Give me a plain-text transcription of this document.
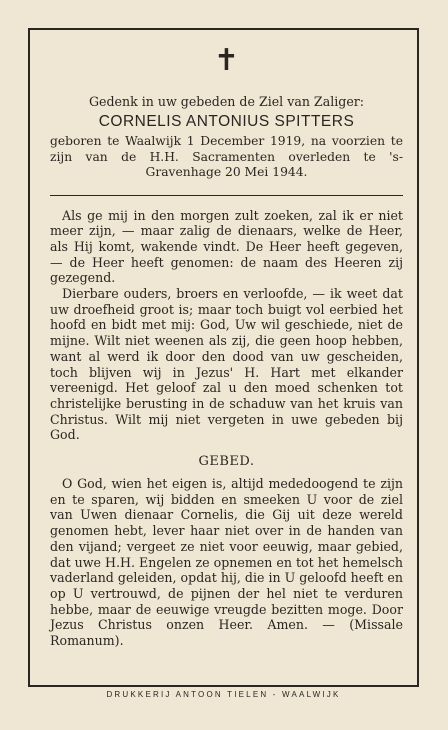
✝
Gedenk in uw gebeden de Ziel van Zaliger:
CORNELIS ANTONIUS SPITTERS
geboren te Waalwijk 1 December 1919, na voorzien te zijn van de H.H. Sacramenten overleden te 's-Gravenhage 20 Mei 1944.

Als ge mij in den morgen zult zoeken, zal ik er niet meer zijn, — maar zalig de dienaars, welke de Heer, als Hij komt, wakende vindt. De Heer heeft gegeven, — de Heer heeft genomen: de naam des Heeren zij gezegend.

Dierbare ouders, broers en verloofde, — ik weet dat uw droefheid groot is; maar toch buigt vol eerbied het hoofd en bidt met mij: God, Uw wil geschiede, niet de mijne. Wilt niet weenen als zij, die geen hoop hebben, want al werd ik door den dood van uw gescheiden, toch blijven wij in Jezus' H. Hart met elkander vereenigd. Het geloof zal u den moed schenken tot christelijke berusting in de schaduw van het kruis van Christus. Wilt mij niet vergeten in uwe gebeden bij God.

GEBED.

O God, wien het eigen is, altijd mededoogend te zijn en te sparen, wij bidden en smeeken U voor de ziel van Uwen dienaar Cornelis, die Gij uit deze wereld genomen hebt, lever haar niet over in de handen van den vijand; vergeet ze niet voor eeuwig, maar gebied, dat uwe H.H. Engelen ze opnemen en tot het hemelsch vaderland geleiden, opdat hij, die in U geloofd heeft en op U vertrouwd, de pijnen der hel niet te verduren hebbe, maar de eeuwige vreugde bezitten moge. Door Jezus Christus onzen Heer. Amen. — (Missale Romanum).

DRUKKERIJ ANTOON TIELEN - WAALWIJK
